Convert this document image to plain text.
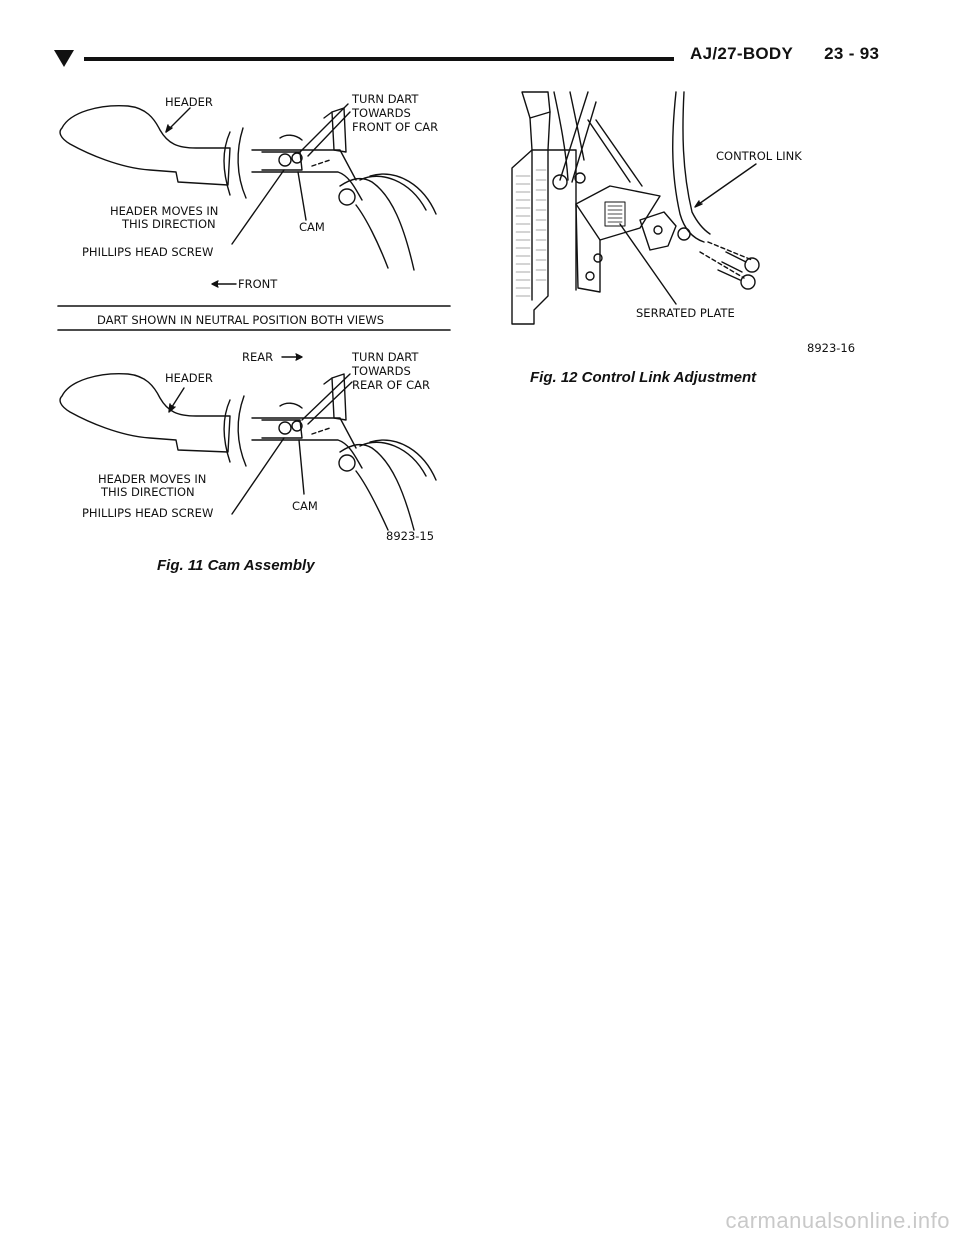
AJ/27-BODY 23 - 93
HEADER	TURN DART
TOWARDS
FRONT OF CAR
HEADER MOVES IN
THIS DIRECTION	CAM
PHILLIPS HEAD SCREW
FRONT
DART SHOWN IN NEUTRAL POSITION BOTH VIEWS
REAR	TURN DART
TOWARDS
REAR OF CAR
HEADER
HEADER MOVES IN
THIS DIRECTION
PHILLIPS HEAD SCREW	CAM
8923-15
Fig. 11 Cam Assembly
CONTROL LINK
SERRATED PLATE
8923-16
Fig. 12 Control Link Adjustment
carmanualsonline.info
